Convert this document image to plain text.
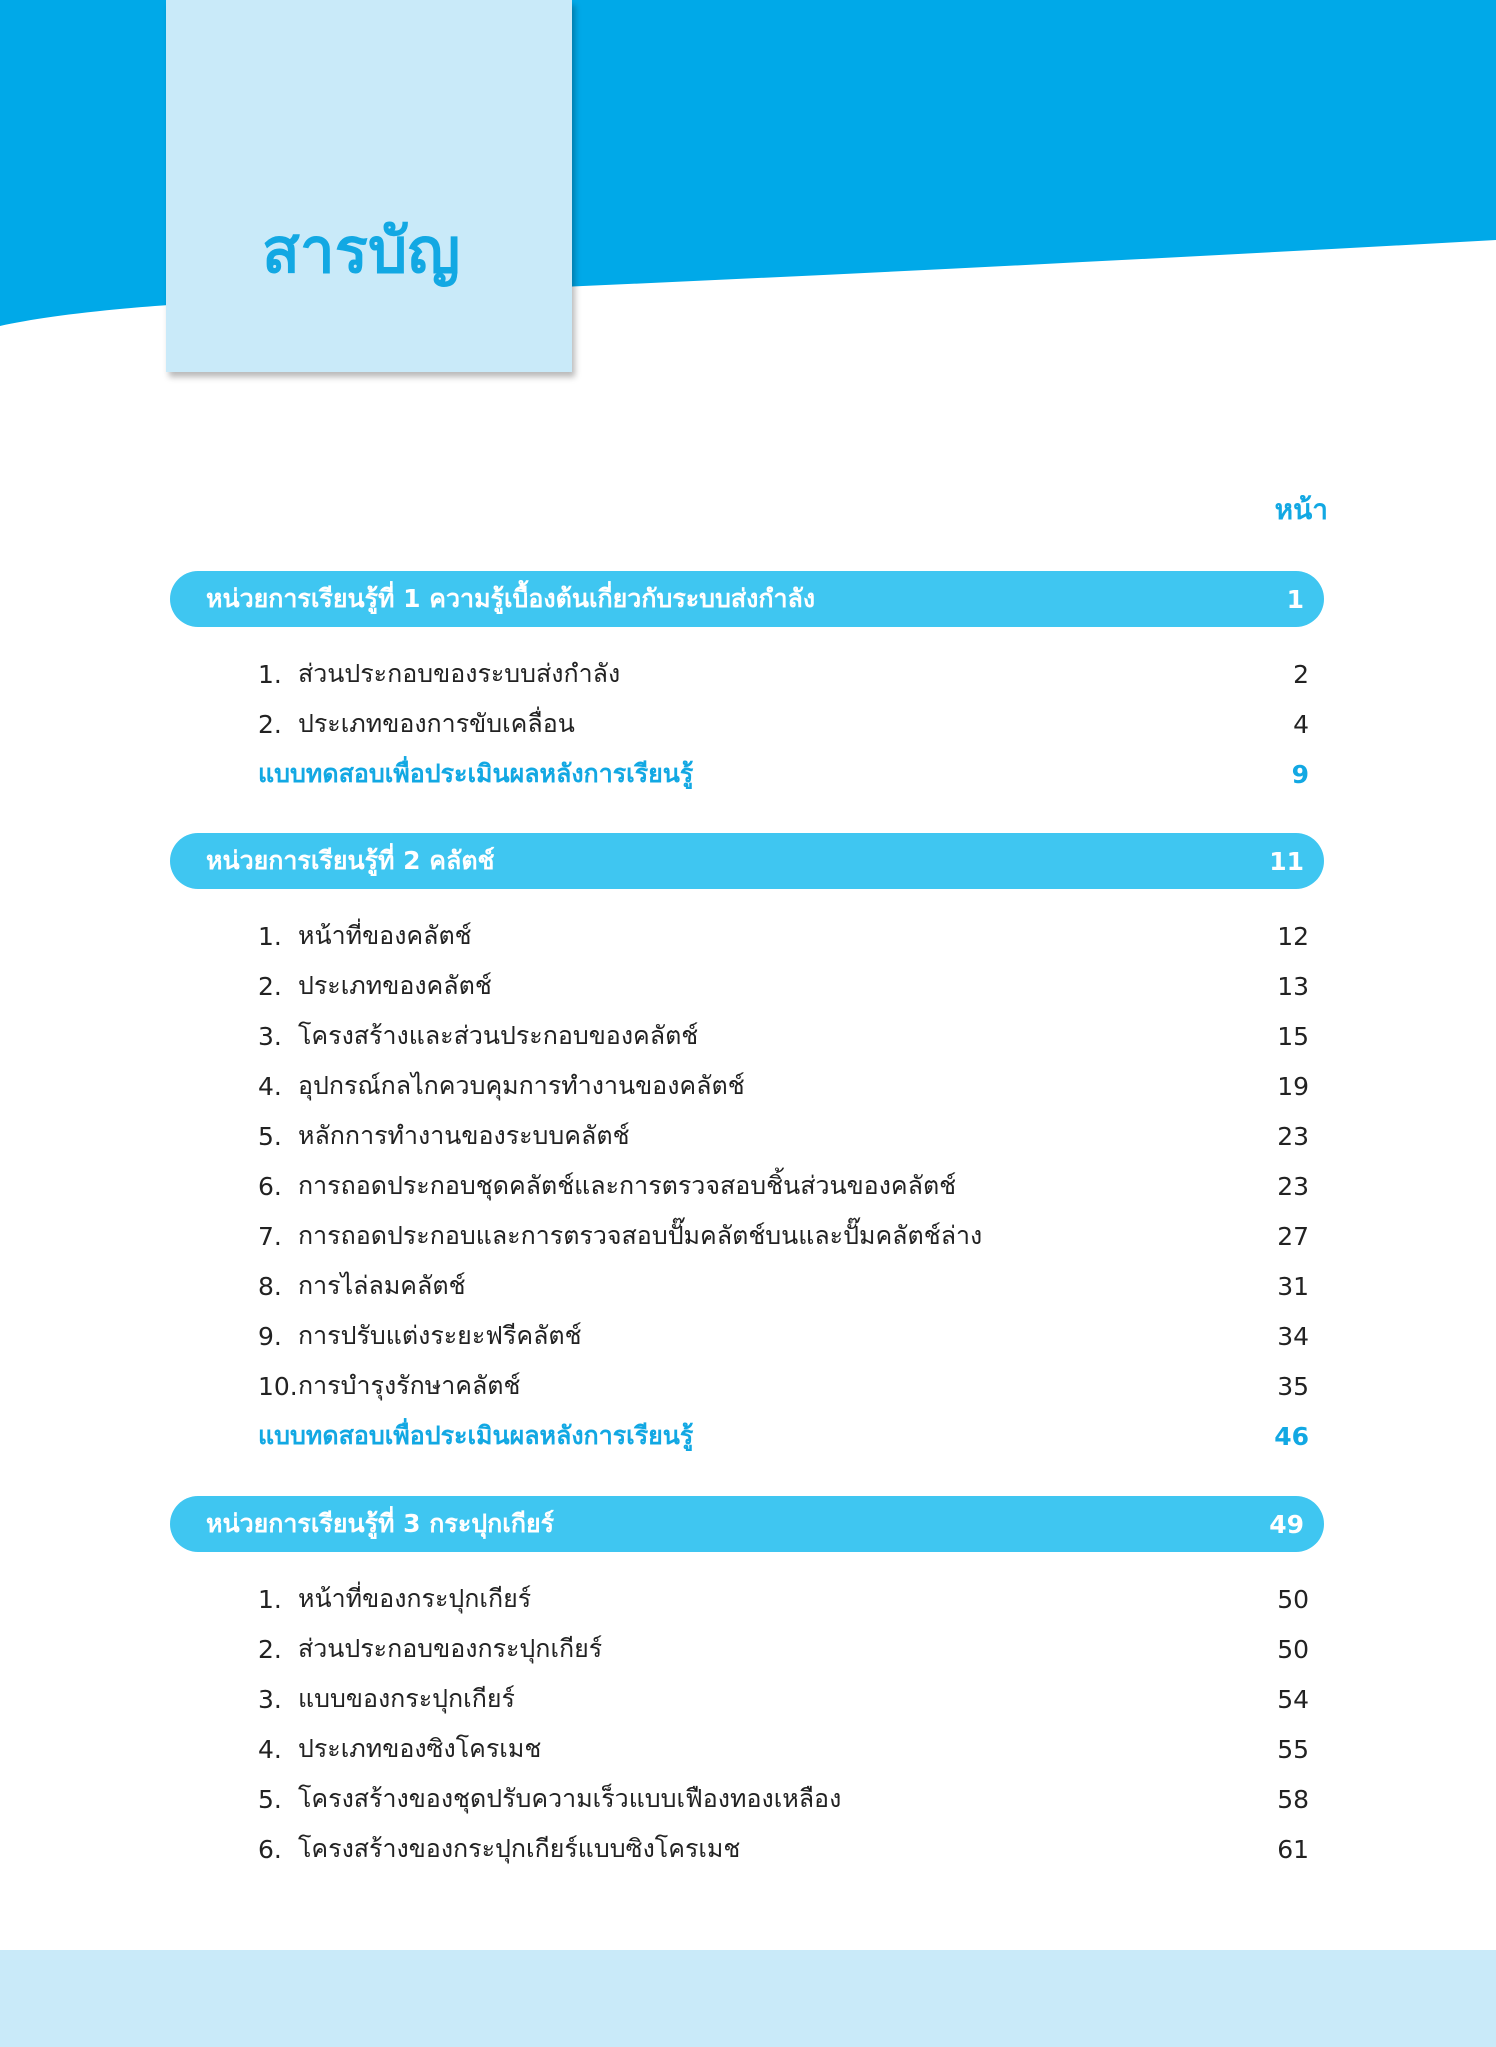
สารบัญ
หน้า
หน่วยการเรียนรู้ที่ 1 ความรู้เบื้องต้นเกี่ยวกับระบบส่งกำลัง	1
1. ส่วนประกอบของระบบส่งกำลัง	2
2. ประเภทของการขับเคลื่อน	4
แบบทดสอบเพื่อประเมินผลหลังการเรียนรู้	9
หน่วยการเรียนรู้ที่ 2 คลัตช์	11
1. หน้าที่ของคลัตช์	12
2. ประเภทของคลัตช์	13
3. โครงสร้างและส่วนประกอบของคลัตช์	15
4. อุปกรณ์กลไกควบคุมการทำงานของคลัตช์	19
5. หลักการทำงานของระบบคลัตช์	23
6. การถอดประกอบชุดคลัตช์และการตรวจสอบชิ้นส่วนของคลัตช์	23
7. การถอดประกอบและการตรวจสอบปั๊มคลัตช์บนและปั๊มคลัตช์ล่าง	27
8. การไล่ลมคลัตช์	31
9. การปรับแต่งระยะฟรีคลัตช์	34
10. การบำรุงรักษาคลัตช์	35
แบบทดสอบเพื่อประเมินผลหลังการเรียนรู้	46
หน่วยการเรียนรู้ที่ 3 กระปุกเกียร์	49
1. หน้าที่ของกระปุกเกียร์	50
2. ส่วนประกอบของกระปุกเกียร์	50
3. แบบของกระปุกเกียร์	54
4. ประเภทของซิงโครเมช	55
5. โครงสร้างของชุดปรับความเร็วแบบเฟืองทองเหลือง	58
6. โครงสร้างของกระปุกเกียร์แบบซิงโครเมช	61
